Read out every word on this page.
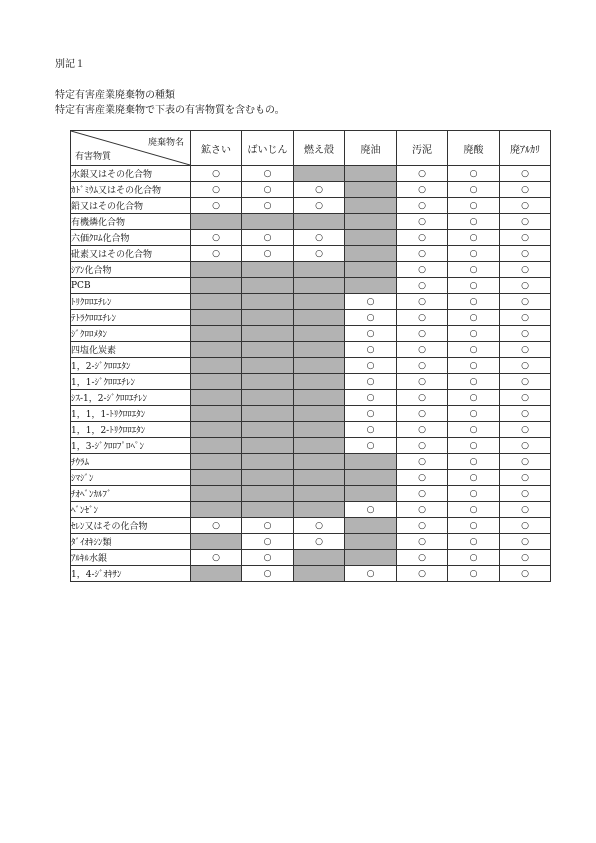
別記１
特定有害産業廃棄物の種類
特定有害産業廃棄物で下表の有害物質を含むもの。
廃棄物名
有害物質	鉱さい	ばいじん	燃え殻	廃油	汚泥	廃酸	廃ｱﾙｶﾘ
水銀又はその化合物	○	○			○	○	○
ｶﾄﾞﾐｳﾑ又はその化合物	○	○	○		○	○	○
鉛又はその化合物	○	○	○		○	○	○
有機燐化合物					○	○	○
六価ｸﾛﾑ化合物	○	○	○		○	○	○
砒素又はその化合物	○	○	○		○	○	○
ｼｱﾝ化合物					○	○	○
PCB					○	○	○
ﾄﾘｸﾛﾛｴﾁﾚﾝ				○	○	○	○
ﾃﾄﾗｸﾛﾛｴﾁﾚﾝ				○	○	○	○
ｼﾞｸﾛﾛﾒﾀﾝ				○	○	○	○
四塩化炭素				○	○	○	○
1，2-ｼﾞｸﾛﾛｴﾀﾝ				○	○	○	○
1，1-ｼﾞｸﾛﾛｴﾁﾚﾝ				○	○	○	○
ｼｽ-1，2-ｼﾞｸﾛﾛｴﾁﾚﾝ				○	○	○	○
1，1，1-ﾄﾘｸﾛﾛｴﾀﾝ				○	○	○	○
1，1，2-ﾄﾘｸﾛﾛｴﾀﾝ				○	○	○	○
1，3-ｼﾞｸﾛﾛﾌﾟﾛﾍﾟﾝ				○	○	○	○
ﾁｳﾗﾑ					○	○	○
ｼﾏｼﾞﾝ					○	○	○
ﾁｵﾍﾞﾝｶﾙﾌﾞ					○	○	○
ﾍﾞﾝｾﾞﾝ				○	○	○	○
ｾﾚﾝ又はその化合物	○	○	○		○	○	○
ﾀﾞｲｵｷｼﾝ類		○	○		○	○	○
ｱﾙｷﾙ水銀	○	○			○	○	○
1，4-ｼﾞｵｷｻﾝ		○		○	○	○	○
